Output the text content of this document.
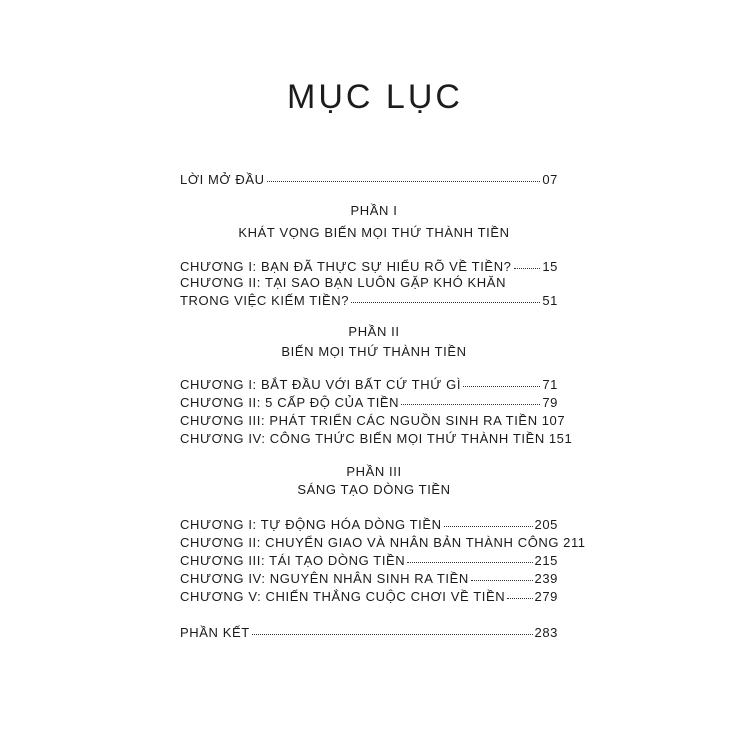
MỤC LỤC
LỜI MỞ ĐẦU	07
PHẦN I
KHÁT VỌNG BIẾN MỌI THỨ THÀNH TIỀN
CHƯƠNG I: BẠN ĐÃ THỰC SỰ HIỂU RÕ VỀ TIỀN? 15
CHƯƠNG II: TẠI SAO BẠN LUÔN GẶP KHÓ KHĂN
TRONG VIỆC KIẾM TIỀN?	51
PHẦN II
BIẾN MỌI THỨ THÀNH TIỀN
CHƯƠNG I: BẮT ĐẦU VỚI BẤT CỨ THỨ GÌ	71
CHƯƠNG II: 5 CẤP ĐỘ CỦA TIỀN	79
CHƯƠNG III: PHÁT TRIỂN CÁC NGUỒN SINH RA TIỀN 107
CHƯƠNG IV: CÔNG THỨC BIẾN MỌI THỨ THÀNH TIỀN 151
PHẦN III
SÁNG TẠO DÒNG TIỀN
CHƯƠNG I: TỰ ĐỘNG HÓA DÒNG TIỀN	205
CHƯƠNG II: CHUYỂN GIAO VÀ NHÂN BẢN THÀNH CÔNG 211
CHƯƠNG III: TÁI TẠO DÒNG TIỀN	215
CHƯƠNG IV: NGUYÊN NHÂN SINH RA TIỀN	239
CHƯƠNG V: CHIẾN THẮNG CUỘC CHƠI VỀ TIỀN 279
PHẦN KẾT	283
